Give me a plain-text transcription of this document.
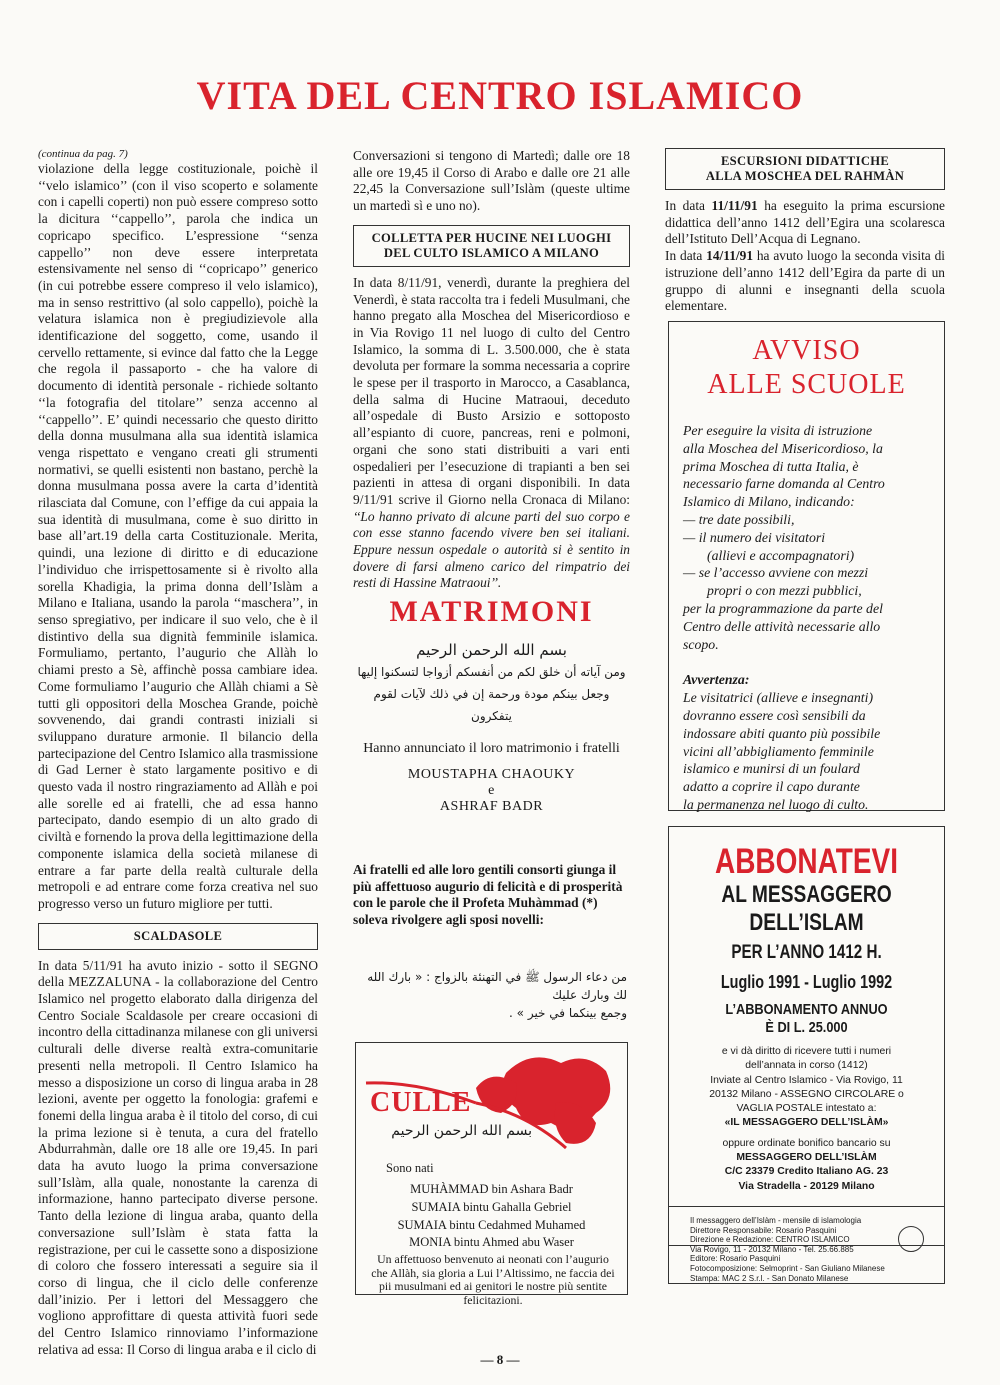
VITA DEL CENTRO ISLAMICO

(continua da pag. 7)

violazione della legge costituzionale, poichè il ‘‘velo islamico’’ (con il viso scoperto e solamente con i capelli coperti) non può essere compreso sotto la dicitura ‘‘cappello’’, parola che indica un copricapo specifico. L’espressione ‘‘senza cappello’’ non deve essere interpretata estensivamente nel senso di ‘‘copricapo’’ generico (in cui potrebbe essere compreso il velo islamico), ma in senso restrittivo (al solo cappello), poichè la velatura islamica non è pregiudizievole alla identificazione del soggetto, come, usando il cervello rettamente, si evince dal fatto che la Legge che regola il passaporto - che ha valore di documento di identità personale - richiede soltanto ‘‘la fotografia del titolare’’ senza accenno al ‘‘cappello’’. E’ quindi necessario che questo diritto della donna musulmana alla sua identità islamica venga rispettato e vengano creati gli strumenti normativi, se quelli esistenti non bastano, perchè la donna musulmana possa avere la carta d’identità rilasciata dal Comune, con l’effige da cui appaia la sua identità di musulmana, come è suo diritto in base all’art.19 della carta Costituzionale. Merita, quindi, una lezione di diritto e di educazione l’individuo che irrispettosamente si è rivolto alla sorella Khadigia, la prima donna dell’Islàm a Milano e Italiana, usando la parola ‘‘maschera’’, in senso spregiativo, per indicare il suo velo, che è il distintivo della sua dignità femminile islamica. Formuliamo, pertanto, l’augurio che Allàh lo chiami presto a Sè, affinchè possa cambiare idea. Come formuliamo l’augurio che Allàh chiami a Sè tutti gli oppositori della Moschea Grande, poichè sovvenendo, dai grandi contrasti iniziali si sviluppano durature armonie. Il bilancio della partecipazione del Centro Islamico alla trasmissione di Gad Lerner è stato largamente positivo e di questo vada il nostro ringraziamento ad Allàh e poi alle sorelle ed ai fratelli, che ad essa hanno partecipato, dando esempio di un alto grado di civiltà e fornendo la prova della legittimazione della componente islamica della società milanese di entrare a far parte della realtà culturale della metropoli e ad entrare come forza creativa nel suo progresso verso un futuro migliore per tutti.

SCALDASOLE

In data 5/11/91 ha avuto inizio - sotto il SEGNO della MEZZALUNA - la collaborazione del Centro Islamico nel progetto elaborato dalla dirigenza del Centro Sociale Scaldasole per creare occasioni di incontro della cittadinanza milanese con gli universi culturali delle diverse realtà extra-comunitarie presenti nella metropoli. Il Centro Islamico ha messo a disposizione un corso di lingua araba in 28 lezioni, avente per oggetto la fonologia: grafemi e fonemi della lingua araba è il titolo del corso, di cui la prima lezione si è tenuta, a cura del fratello Abdurrahmàn, dalle ore 18 alle ore 19,45. In pari data ha avuto luogo la prima conversazione sull’Islàm, alla quale, nonostante la carenza di informazione, hanno partecipato diverse persone. Tanto della lezione di lingua araba, quanto della conversazione sull’Islàm è stata fatta la registrazione, per cui le cassette sono a disposizione di coloro che fossero interessati a seguire sia il corso di lingua, che il ciclo delle conferenze dall’inizio. Per i lettori del Messaggero che vogliono approfittare di questa attività fuori sede del Centro Islamico rinnoviamo l’informazione relativa ad essa: Il Corso di lingua araba e il ciclo di

Conversazioni si tengono di Martedì; dalle ore 18 alle ore 19,45 il Corso di Arabo e dalle ore 21 alle 22,45 la Conversazione sull’Islàm (queste ultime un martedì sì e uno no).

COLLETTA PER HUCINE NEI LUOGHI DEL CULTO ISLAMICO A MILANO

In data 8/11/91, venerdì, durante la preghiera del Venerdì, è stata raccolta tra i fedeli Musulmani, che hanno pregato alla Moschea del Misericordioso e in Via Rovigo 11 nel luogo di culto del Centro Islamico, la somma di L. 3.500.000, che è stata devoluta per formare la somma necessaria a coprire le spese per il trasporto in Marocco, a Casablanca, della salma di Hucine Matraoui, deceduto all’ospedale di Busto Arsizio e sottoposto all’espianto di cuore, pancreas, reni e polmoni, organi che sono stati distribuiti a vari enti ospedalieri per l’esecuzione di trapianti a ben sei pazienti in attesa di organi disponibili. In data 9/11/91 scrive il Giorno nella Cronaca di Milano: ‘‘Lo hanno privato di alcune parti del suo corpo e con esse stanno facendo vivere ben sei italiani. Eppure nessun ospedale o autorità si è sentito in dovere di farsi almeno carico del rimpatrio dei resti di Hassine Matraoui’’.

MATRIMONI
بسم الله الرحمن الرحيم
ومن آياته أن خلق لكم من أنفسكم أزواجا لتسكنوا إليها
وجعل بينكم مودة ورحمة إن في ذلك لآيات لقوم يتفكرون
Hanno annunciato il loro matrimonio i fratelli
MOUSTAPHA CHAOUKY
e
ASHRAF BADR
Ai fratelli ed alle loro gentili consorti giunga il più affettuoso augurio di felicità e di prosperità con le parole che il Profeta Muhàmmad (*) soleva rivolgere agli sposi novelli:
من دعاء الرسول ﷺ في التهنئة بالزواج : « بارك الله لك وبارك عليك
وجمع بينكما في خير » .
CULLE
بسم الله الرحمن الرحيم
Sono nati
MUHÀMMAD bin Ashara Badr
SUMAIA bintu Gahalla Gebriel
SUMAIA bintu Cedahmed Muhamed
MONIA bintu Ahmed abu Waser
Un affettuoso benvenuto ai neonati con l’augurio che Allàh, sia gloria a Lui l’Altissimo, ne faccia dei pii musulmani ed ai genitori le nostre più sentite felicitazioni.
ESCURSIONI DIDATTICHE
ALLA MOSCHEA DEL RAHMÀN

In data 11/11/91 ha eseguito la prima escursione didattica dell’anno 1412 dell’Egira una scolaresca dell’Istituto Dell’Acqua di Legnano.

In data 14/11/91 ha avuto luogo la seconda visita di istruzione dell’anno 1412 dell’Egira da parte di un gruppo di alunni e insegnanti della scuola elementare.

AVVISO
ALLE SCUOLE
Per eseguire la visita di istruzione
alla Moschea del Misericordioso, la
prima Moschea di tutta Italia, è
necessario farne domanda al Centro
Islamico di Milano, indicando:
— tre date possibili,
— il numero dei visitatori
(allievi e accompagnatori)
— se l’accesso avviene con mezzi
propri o con mezzi pubblici,
per la programmazione da parte del
Centro delle attività necessarie allo
scopo.
Avvertenza:
Le visitatrici (allieve e insegnanti)
dovranno essere così sensibili da
indossare abiti quanto più possibile
vicini all’abbigliamento femminile
islamico e munirsi di un foulard
adatto a coprire il capo durante
la permanenza nel luogo di culto.
ABBONATEVI
AL MESSAGGERO
DELL’ISLAM
PER L’ANNO 1412 H.
Luglio 1991 - Luglio 1992
L’ABBONAMENTO ANNUO
È DI L. 25.000
e vi dà diritto di ricevere tutti i numeri
dell’annata in corso (1412)
Inviate al Centro Islamico - Via Rovigo, 11
20132 Milano - ASSEGNO CIRCOLARE o
VAGLIA POSTALE intestato a:
«IL MESSAGGERO DELL’ISLÀM»
oppure ordinate bonifico bancario su
MESSAGGERO DELL’ISLÀM
C/C 23379 Credito Italiano AG. 23
Via Stradella - 20129 Milano
Il messaggero dell’Islàm - mensile di islamologia
Direttore Responsabile: Rosario Pasquini
Direzione e Redazione: CENTRO ISLAMICO
Via Rovigo, 11 - 20132 Milano - Tel. 25.66.885
Editore: Rosario Pasquini
Fotocomposizione: Selmoprint - San Giuliano Milanese
Stampa: MAC 2 S.r.l. - San Donato Milanese
— 8 —
